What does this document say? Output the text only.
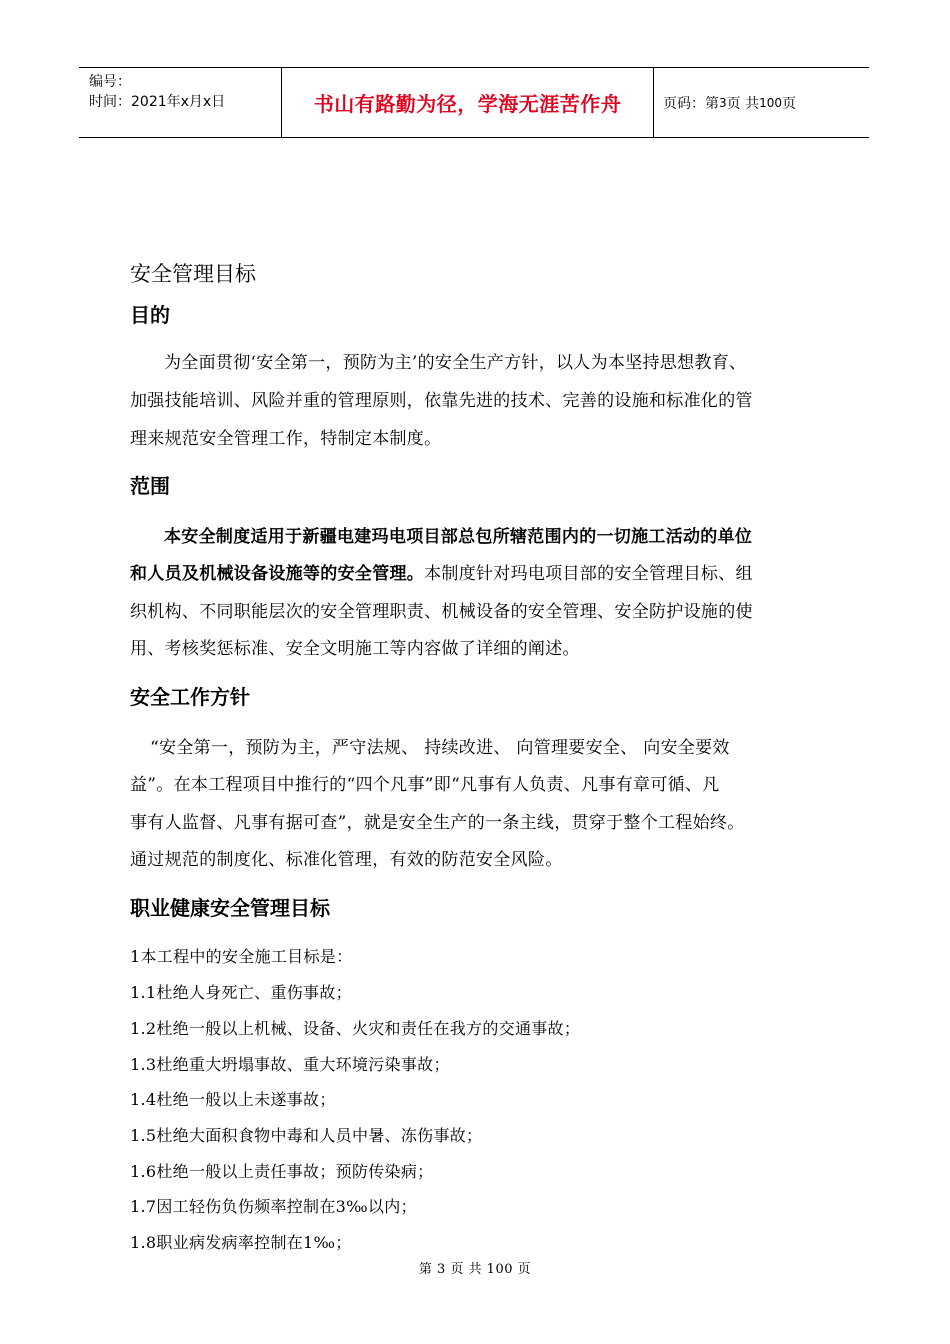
编号：
时间：2021年x月x日	书山有路勤为径，学海无涯苦作舟	页码：第 3 页 共 100 页
安全管理目标
目的
为全面贯彻‘安全第一，预防为主’的安全生产方针，以人为本坚持思想教育、
加强技能培训、风险并重的管理原则，依靠先进的技术、完善的设施和标准化的管
理来规范安全管理工作，特制定本制度。
范围
本安全制度适用于新疆电建玛电项目部总包所辖范围内的一切施工活动的单位
和人员及机械设备设施等的安全管理。本制度针对玛电项目部的安全管理目标、组
织机构、不同职能层次的安全管理职责、机械设备的安全管理、安全防护设施的使
用、考核奖惩标准、安全文明施工等内容做了详细的阐述。
安全工作方针
“安全第一，预防为主，严守法规、 持续改进、 向管理要安全、 向安全要效
益”。在本工程项目中推行的“四个凡事”即“凡事有人负责、凡事有章可循、凡
事有人监督、凡事有据可查”，就是安全生产的一条主线，贯穿于整个工程始终。
通过规范的制度化、标准化管理，有效的防范安全风险。
职业健康安全管理目标
1本工程中的安全施工目标是：
1.1杜绝人身死亡、重伤事故；
1.2杜绝一般以上机械、设备、火灾和责任在我方的交通事故；
1.3杜绝重大坍塌事故、重大环境污染事故；
1.4杜绝一般以上未遂事故；
1.5杜绝大面积食物中毒和人员中暑、冻伤事故；
1.6杜绝一般以上责任事故；预防传染病；
1.7因工轻伤负伤频率控制在3‰以内；
1.8职业病发病率控制在1‰；
第 3 页 共 100 页
